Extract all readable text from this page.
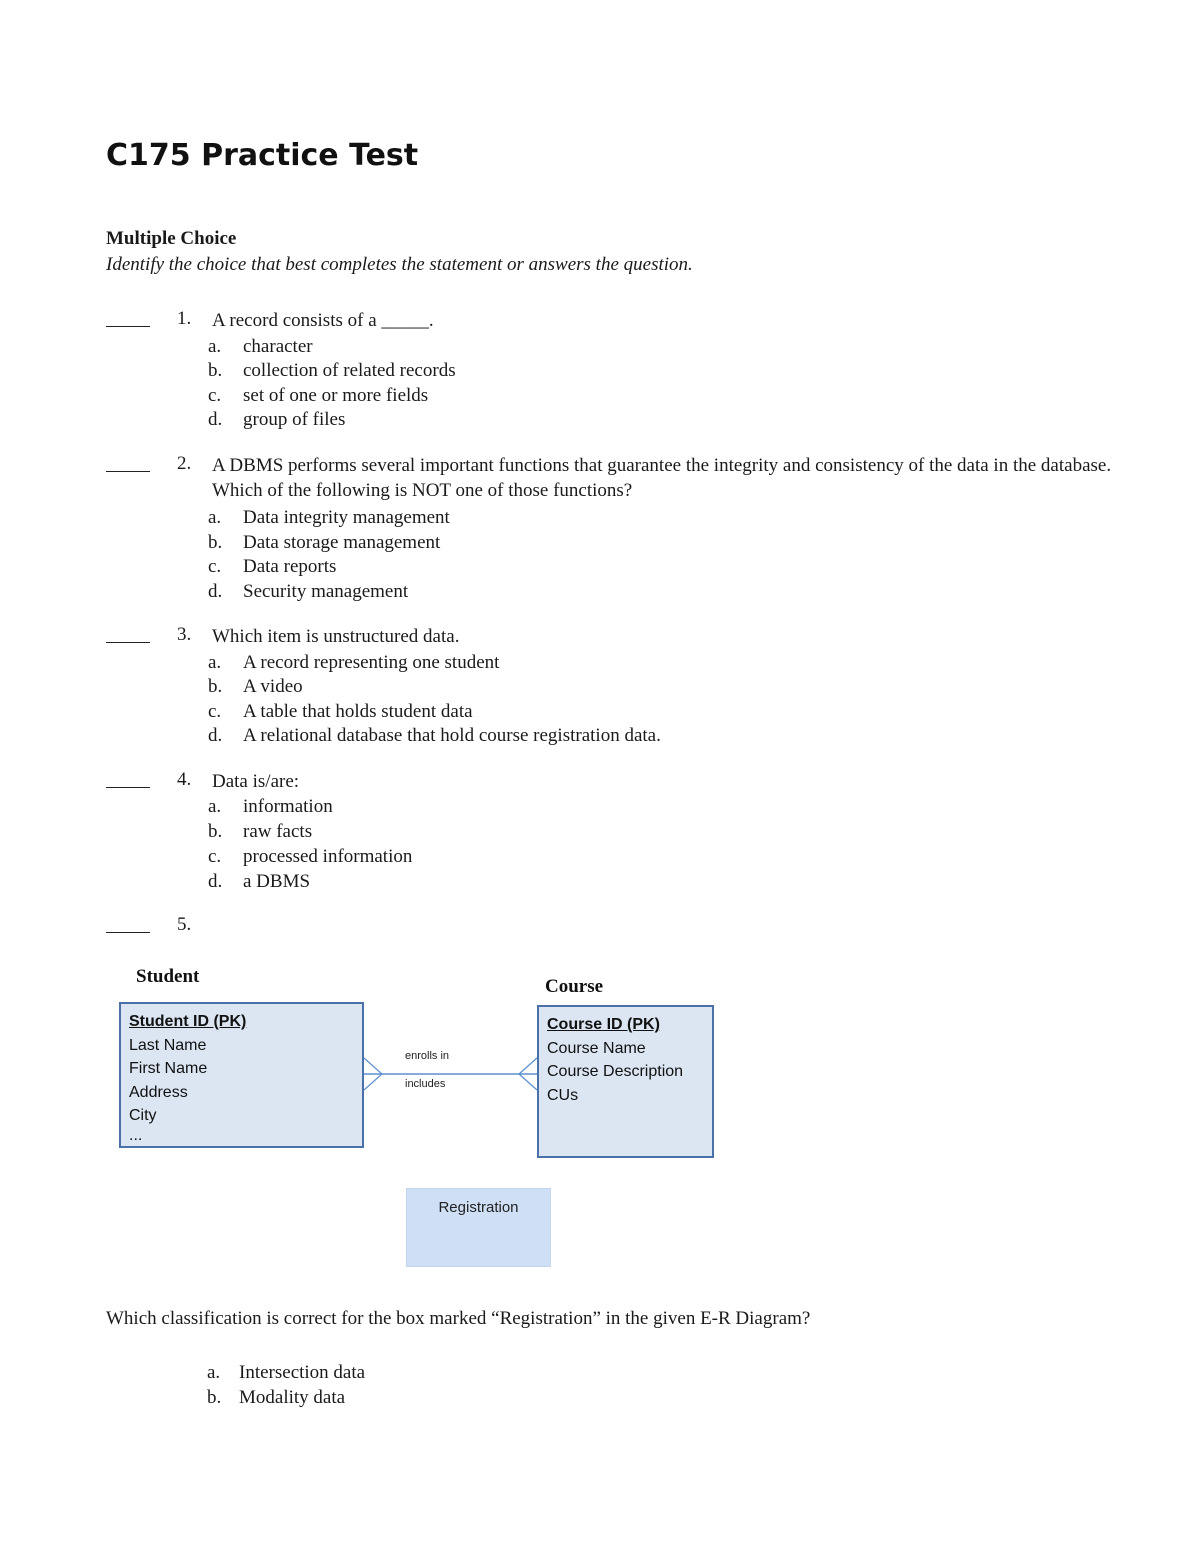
C175 Practice Test
Multiple Choice
Identify the choice that best completes the statement or answers the question.
1. A record consists of a _____.
a. character
b. collection of related records
c. set of one or more fields
d. group of files
2. A DBMS performs several important functions that guarantee the integrity and consistency of the data in the database. Which of the following is NOT one of those functions?
a. Data integrity management
b. Data storage management
c. Data reports
d. Security management
3. Which item is unstructured data.
a. A record representing one student
b. A video
c. A table that holds student data
d. A relational database that hold course registration data.
4. Data is/are:
a. information
b. raw facts
c. processed information
d. a DBMS
5.
Student
Student ID (PK)
Last Name
First Name
Address
City
...
Course
Course ID (PK)
Course Name
Course Description
CUs
enrolls in
includes
Registration
Which classification is correct for the box marked “Registration” in the given E-R Diagram?
a. Intersection data
b. Modality data
